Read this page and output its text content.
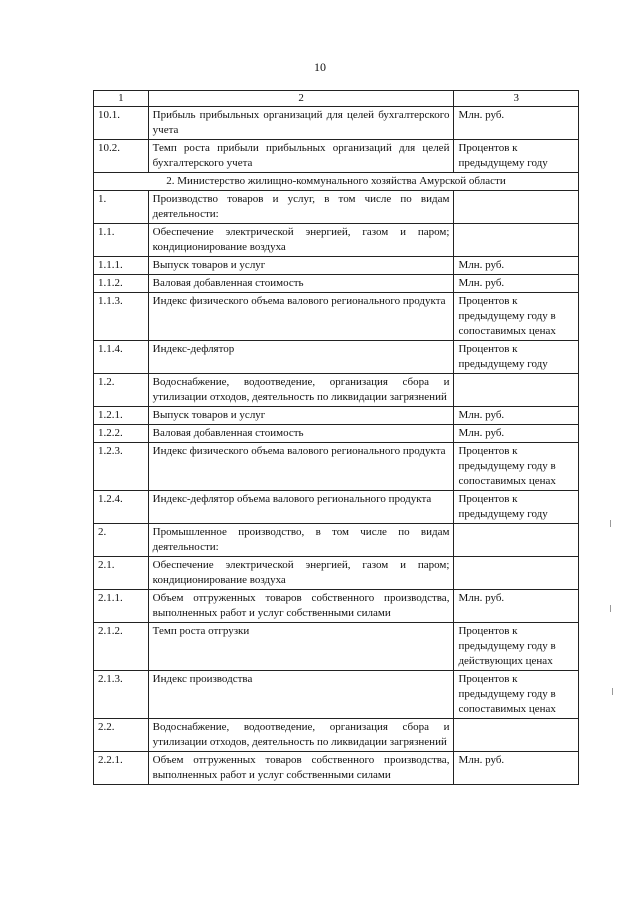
10
1	2	3
10.1.	Прибыль прибыльных организаций для целей бухгалтерского учета	Млн. руб.
10.2.	Темп роста прибыли прибыльных организаций для целей бухгалтерского учета	Процентов к предыдущему году
2. Министерство жилищно-коммунального хозяйства Амурской области		
1.	Производство товаров и услуг, в том числе по видам деятельности:	
1.1.	Обеспечение электрической энергией, газом и паром; кондиционирование воздуха	
1.1.1.	Выпуск товаров и услуг	Млн. руб.
1.1.2.	Валовая добавленная стоимость	Млн. руб.
1.1.3.	Индекс физического объема валового регионального продукта	Процентов к предыдущему году в сопоставимых ценах
1.1.4.	Индекс-дефлятор	Процентов к предыдущему году
1.2.	Водоснабжение, водоотведение, организация сбора и утилизации отходов, деятельность по ликвидации загрязнений	
1.2.1.	Выпуск товаров и услуг	Млн. руб.
1.2.2.	Валовая добавленная стоимость	Млн. руб.
1.2.3.	Индекс физического объема валового регионального продукта	Процентов к предыдущему году в сопоставимых ценах
1.2.4.	Индекс-дефлятор объема валового регионального продукта	Процентов к предыдущему году
2.	Промышленное производство, в том числе по видам деятельности:	
2.1.	Обеспечение электрической энергией, газом и паром; кондиционирование воздуха	
2.1.1.	Объем отгруженных товаров собственного производства, выполненных работ и услуг собственными силами	Млн. руб.
2.1.2.	Темп роста отгрузки	Процентов к предыдущему году в действующих ценах
2.1.3.	Индекс производства	Процентов к предыдущему году в сопоставимых ценах
2.2.	Водоснабжение, водоотведение, организация сбора и утилизации отходов, деятельность по ликвидации загрязнений	
2.2.1.	Объем отгруженных товаров собственного производства, выполненных работ и услуг собственными силами	Млн. руб.
